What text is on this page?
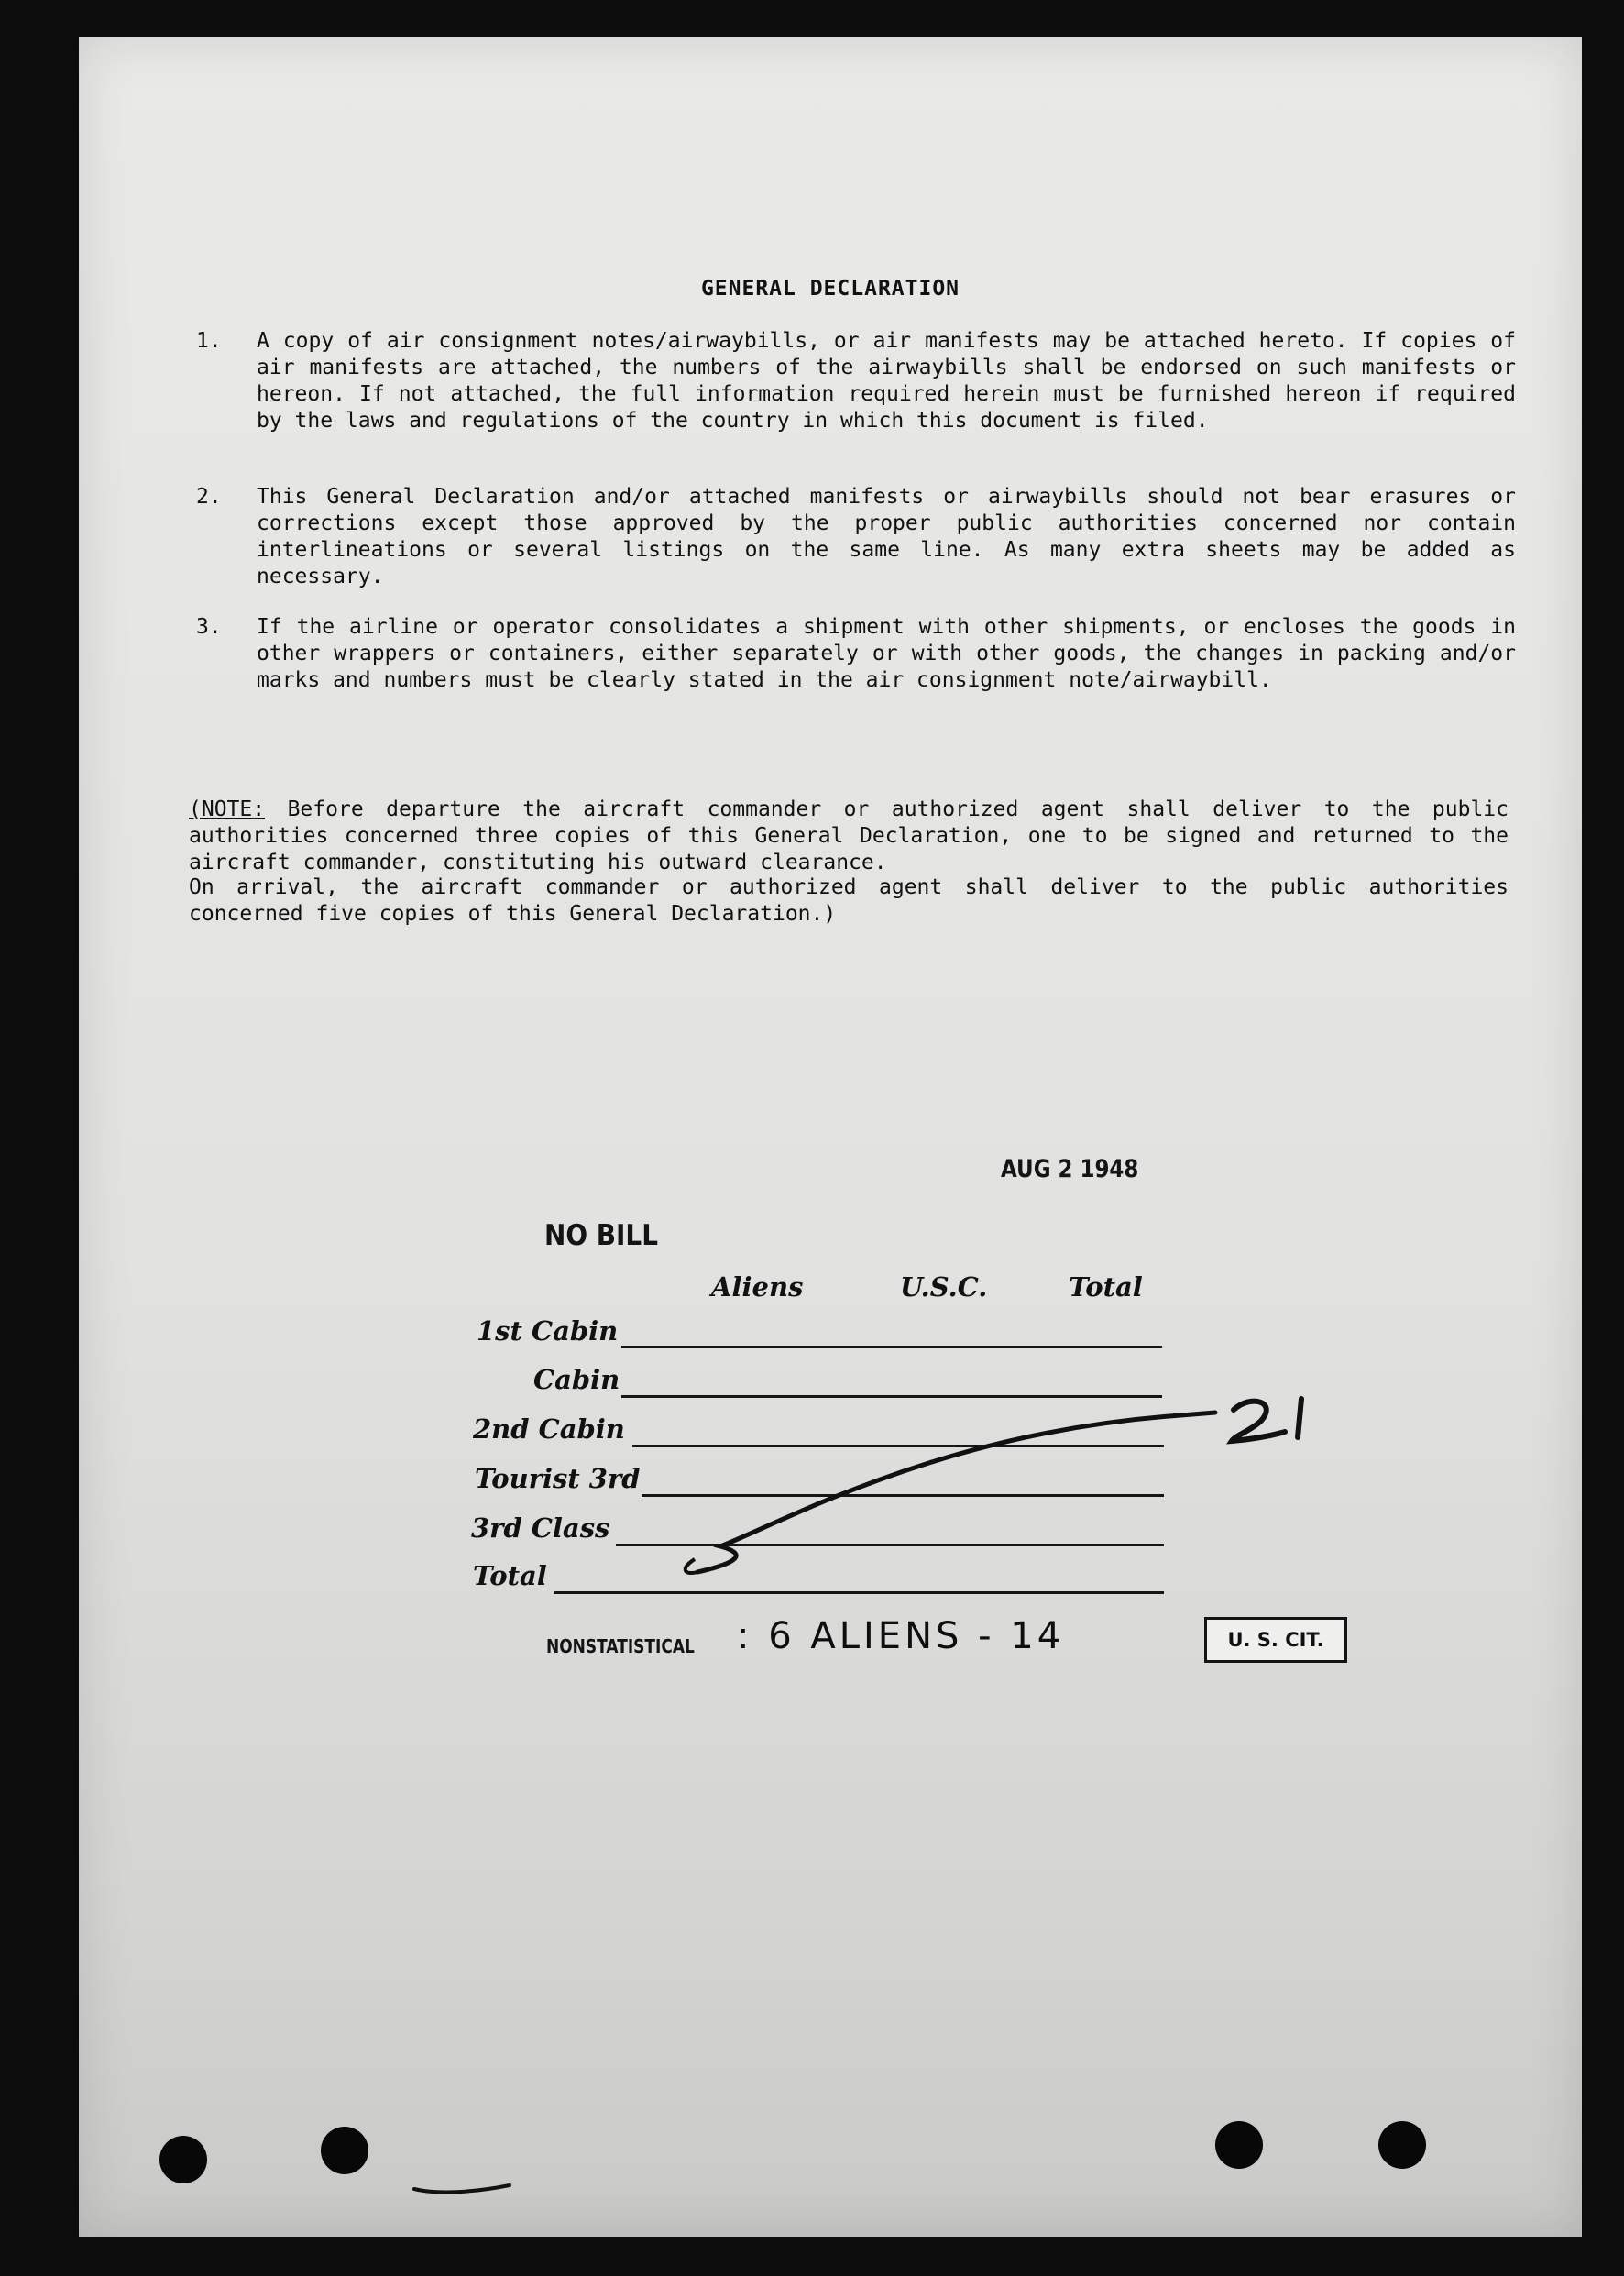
GENERAL DECLARATION
1.	A copy of air consignment notes/airwaybills, or air manifests may be attached hereto. If copies of air manifests are attached, the numbers of the airwaybills shall be endorsed on such manifests or hereon. If not attached, the full information required herein must be furnished hereon if required by the laws and regulations of the country in which this document is filed.
2.	This General Declaration and/or attached manifests or airwaybills should not bear erasures or corrections except those approved by the proper public authorities concerned nor contain interlineations or several listings on the same line. As many extra sheets may be added as necessary.
3.	If the airline or operator consolidates a shipment with other shipments, or encloses the goods in other wrappers or containers, either separately or with other goods, the changes in packing and/or marks and numbers must be clearly stated in the air consignment note/airwaybill.

(NOTE: Before departure the aircraft commander or authorized agent shall deliver to the public authorities concerned three copies of this General Declaration, one to be signed and returned to the aircraft commander, constituting his outward clearance.

On arrival, the aircraft commander or authorized agent shall deliver to the public authorities concerned five copies of this General Declaration.)
AUG 2 1948
NO BILL
Aliens	U.S.C.	Total
1st Cabin
Cabin
2nd Cabin
Tourist 3rd
3rd Class
Total
NONSTATISTICAL : 6 ALIENS - 14	U. S. CIT.
